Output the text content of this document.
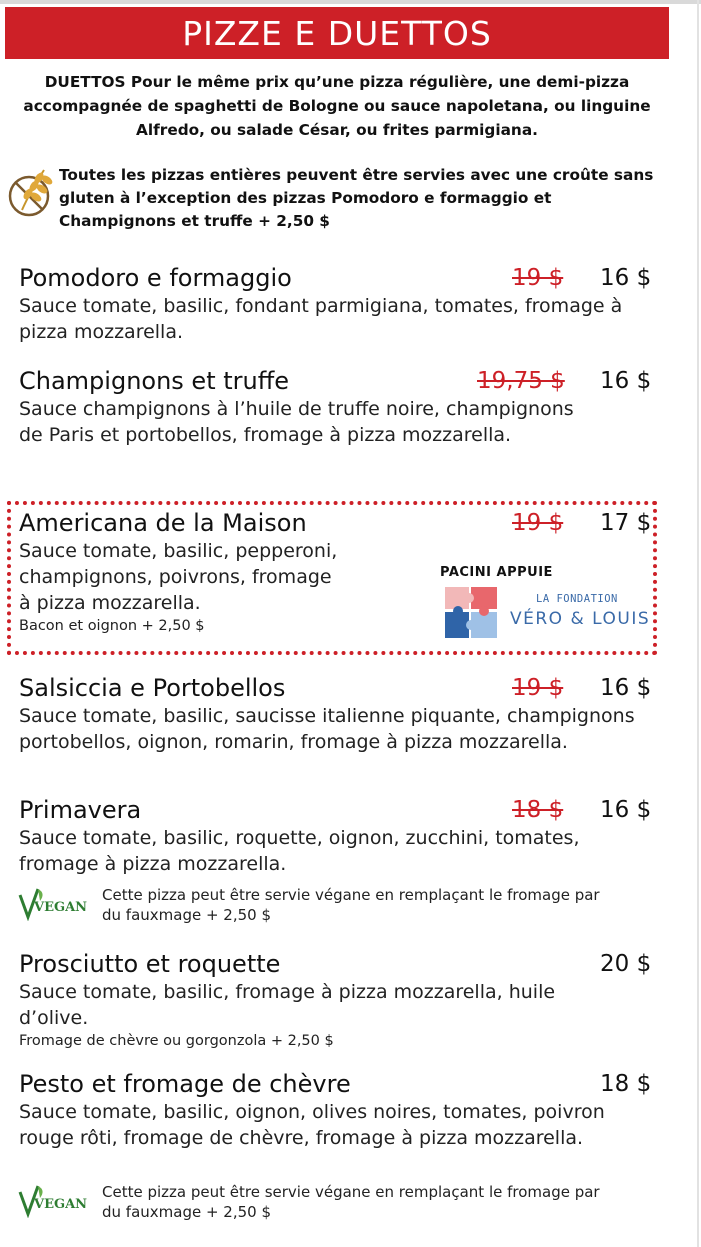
PIZZE E DUETTOS
DUETTOS Pour le même prix qu’une pizza régulière, une demi-pizza accompagnée de spaghetti de Bologne ou sauce napoletana, ou linguine Alfredo, ou salade César, ou frites parmigiana.
Toutes les pizzas entières peuvent être servies avec une croûte sans gluten à l’exception des pizzas Pomodoro e formaggio et Champignons et truffe + 2,50 $
Pomodoro e formaggio
Sauce tomate, basilic, fondant parmigiana, tomates, fromage à pizza mozzarella.
19 $ 16 $
Champignons et truffe
Sauce champignons à l’huile de truffe noire, champignons de Paris et portobellos, fromage à pizza mozzarella.
19,75 $ 16 $
Americana de la Maison
Sauce tomate, basilic, pepperoni,
champignons, poivrons, fromage
à pizza mozzarella.
Bacon et oignon + 2,50 $
19 $ 17 $
PACINI APPUIE
LA FONDATION
VÉRO & LOUIS
Salsiccia e Portobellos
Sauce tomate, basilic, saucisse italienne piquante, champignons portobellos, oignon, romarin, fromage à pizza mozzarella.
19 $ 16 $
Primavera
Sauce tomate, basilic, roquette, oignon, zucchini, tomates, fromage à pizza mozzarella.
18 $ 16 $
VEGAN
Cette pizza peut être servie végane en remplaçant le fromage par du fauxmage + 2,50 $
Prosciutto et roquette
Sauce tomate, basilic, fromage à pizza mozzarella, huile d’olive.
Fromage de chèvre ou gorgonzola + 2,50 $
20 $
Pesto et fromage de chèvre
Sauce tomate, basilic, oignon, olives noires, tomates, poivron rouge rôti, fromage de chèvre, fromage à pizza mozzarella.
18 $
VEGAN
Cette pizza peut être servie végane en remplaçant le fromage par du fauxmage + 2,50 $
